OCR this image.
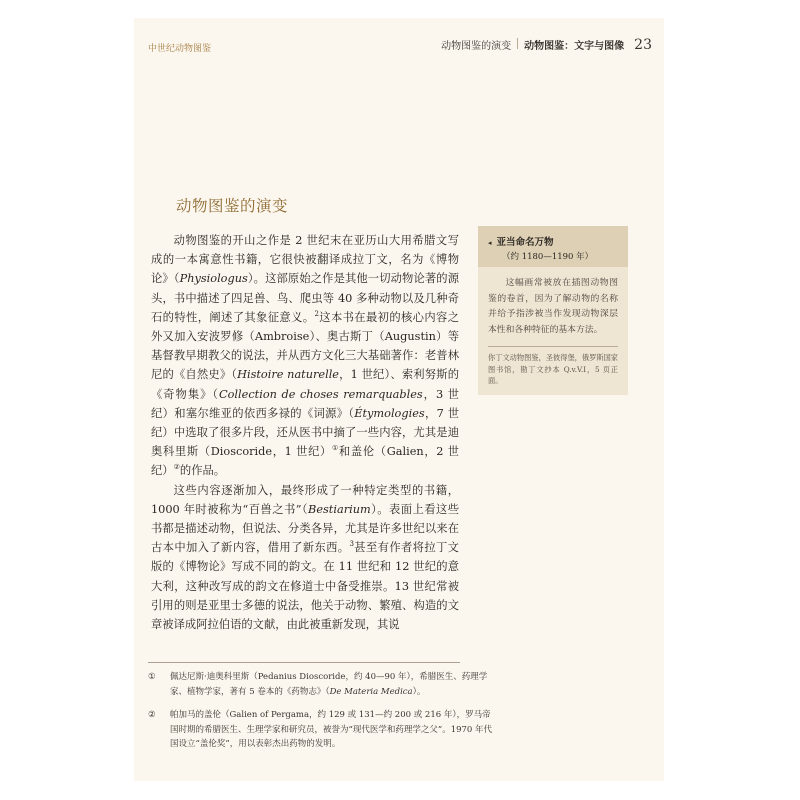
中世纪动物图鉴	动物图鉴的演变 动物图鉴：文字与图像 23
动物图鉴的演变

动物图鉴的开山之作是 2 世纪末在亚历山大用希腊文写成的一本寓意性书籍，它很快被翻译成拉丁文，名为《博物论》（Physiologus）。这部原始之作是其他一切动物论著的源头，书中描述了四足兽、鸟、爬虫等 40 多种动物以及几种奇石的特性，阐述了其象征意义。$^2$这本书在最初的核心内容之外又加入安波罗修（Ambroise）、奥古斯丁（Augustin）等基督教早期教父的说法，并从西方文化三大基础著作：老普林尼的《自然史》（Histoire naturelle，1 世纪）、索利努斯的《奇物集》（Collection de choses remarquables，3 世纪）和塞尔维亚的依西多禄的《词源》（Étymologies，7 世纪）中选取了很多片段，还从医书中摘了一些内容，尤其是迪奥科里斯（Dioscoride，1 世纪）①和盖伦（Galien，2 世纪）②的作品。

这些内容逐渐加入，最终形成了一种特定类型的书籍，1000 年时被称为“百兽之书”（Bestiarium）。表面上看这些书都是描述动物，但说法、分类各异，尤其是许多世纪以来在古本中加入了新内容，借用了新东西。$^3$甚至有作者将拉丁文版的《博物论》写成不同的韵文。在 11 世纪和 12 世纪的意大利，这种改写成的韵文在修道士中备受推崇。13 世纪常被引用的则是亚里士多德的说法，他关于动物、繁殖、构造的文章被译成阿拉伯语的文献，由此被重新发现，其说

◂ 亚当命名万物
（约 1180—1190 年）

这幅画常被放在插图动物图鉴的卷首，因为了解动物的名称并给予指涉被当作发现动物深层本性和各种特征的基本方法。

你丁文动物图鉴，圣彼得堡，俄罗斯国家图书馆，勘丁文抄本 Q.v.V.I，5 页正面。
① 佩达尼斯·迪奥科里斯（Pedanius Dioscoride，约 40—90 年），希腊医生、药理学家、植物学家，著有 5 卷本的《药物志》（De Materia Medica）。
② 帕加马的盖伦（Galien of Pergama，约 129 或 131—约 200 或 216 年），罗马帝国时期的希腊医生、生理学家和研究员，被誉为“现代医学和药理学之父”。1970 年代国设立“盖伦奖”，用以表彰杰出药物的发明。
